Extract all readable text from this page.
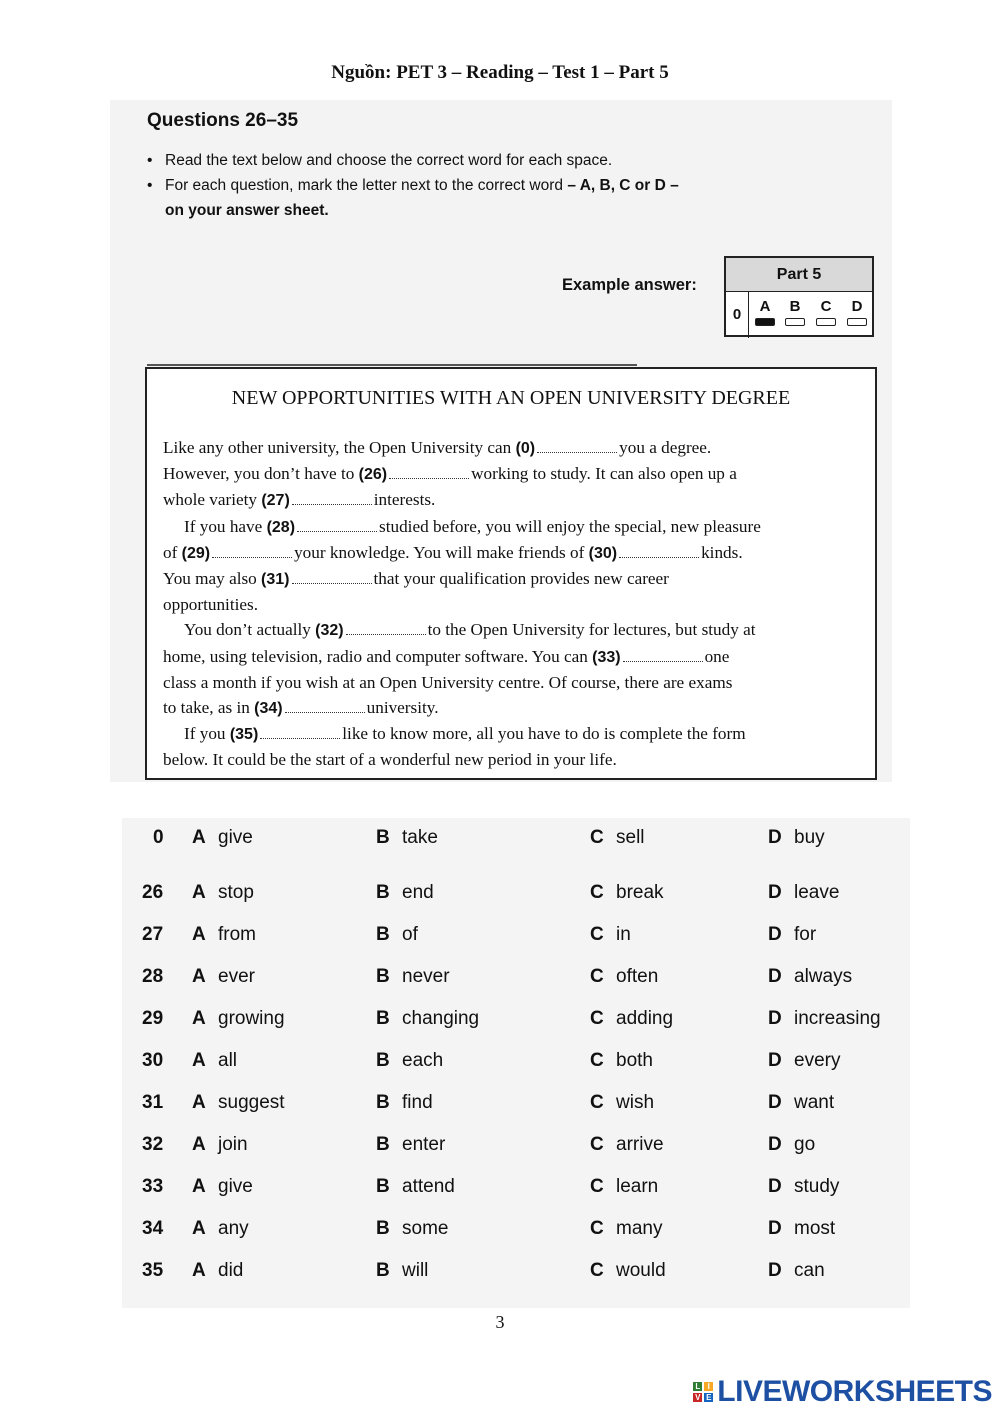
Nguồn: PET 3 – Reading – Test 1 – Part 5
Questions 26–35
• Read the text below and choose the correct word for each space.
• For each question, mark the letter next to the correct word – A, B, C or D –
on your answer sheet.
Example answer:
Part 5
0	A	B	C	D
NEW OPPORTUNITIES WITH AN OPEN UNIVERSITY DEGREE
Like any other university, the Open University can (0)	you a degree.
However, you don’t have to (26)	working to study. It can also open up a
whole variety (27)	interests.
If you have (28)	studied before, you will enjoy the special, new pleasure
of (29)	your knowledge. You will make friends of (30)	kinds.
You may also (31)	that your qualification provides new career
opportunities.
You don’t actually (32)	to the Open University for lectures, but study at
home, using television, radio and computer software. You can (33)	one
class a month if you wish at an Open University centre. Of course, there are exams
to take, as in (34)	university.
If you (35)	like to know more, all you have to do is complete the form
below. It could be the start of a wonderful new period in your life.
0	A give	B take	C sell	D buy
26	A stop	B end	C break	D leave
27	A from	B of	C in	D for
28	A ever	B never	C often	D always
29	A growing	B changing	C adding	D increasing
30	A all	B each	C both	D every
31	A suggest	B find	C wish	D want
32	A join	B enter	C arrive	D go
33	A give	B attend	C learn	D study
34	A any	B some	C many	D most
35	A did	B will	C would	D can
3
L I
V E LIVEWORKSHEETS
